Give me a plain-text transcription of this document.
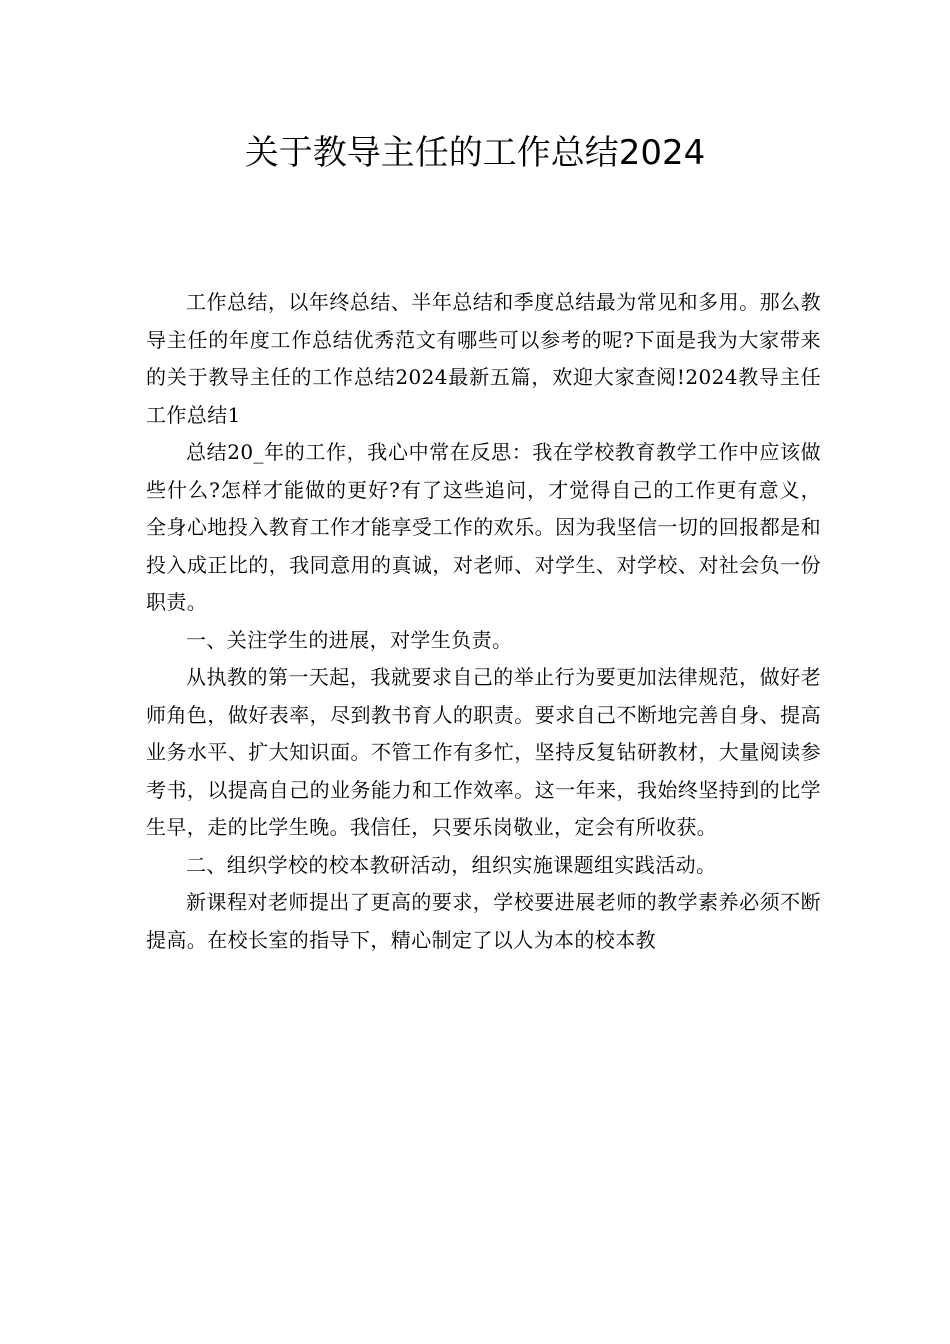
关于教导主任的工作总结2024

工作总结，以年终总结、半年总结和季度总结最为常见和多用。那么教导主任的年度工作总结优秀范文有哪些可以参考的呢?下面是我为大家带来的关于教导主任的工作总结2024最新五篇，欢迎大家查阅!2024教导主任工作总结1

总结20_年的工作，我心中常在反思：我在学校教育教学工作中应该做些什么?怎样才能做的更好?有了这些追问，才觉得自己的工作更有意义，全身心地投入教育工作才能享受工作的欢乐。因为我坚信一切的回报都是和投入成正比的，我同意用的真诚，对老师、对学生、对学校、对社会负一份职责。

一、关注学生的进展，对学生负责。

从执教的第一天起，我就要求自己的举止行为要更加法律规范，做好老师角色，做好表率，尽到教书育人的职责。要求自己不断地完善自身、提高业务水平、扩大知识面。不管工作有多忙，坚持反复钻研教材，大量阅读参考书，以提高自己的业务能力和工作效率。这一年来，我始终坚持到的比学生早，走的比学生晚。我信任，只要乐岗敬业，定会有所收获。

二、组织学校的校本教研活动，组织实施课题组实践活动。

新课程对老师提出了更高的要求，学校要进展老师的教学素养必须不断提高。在校长室的指导下，精心制定了以人为本的校本教
